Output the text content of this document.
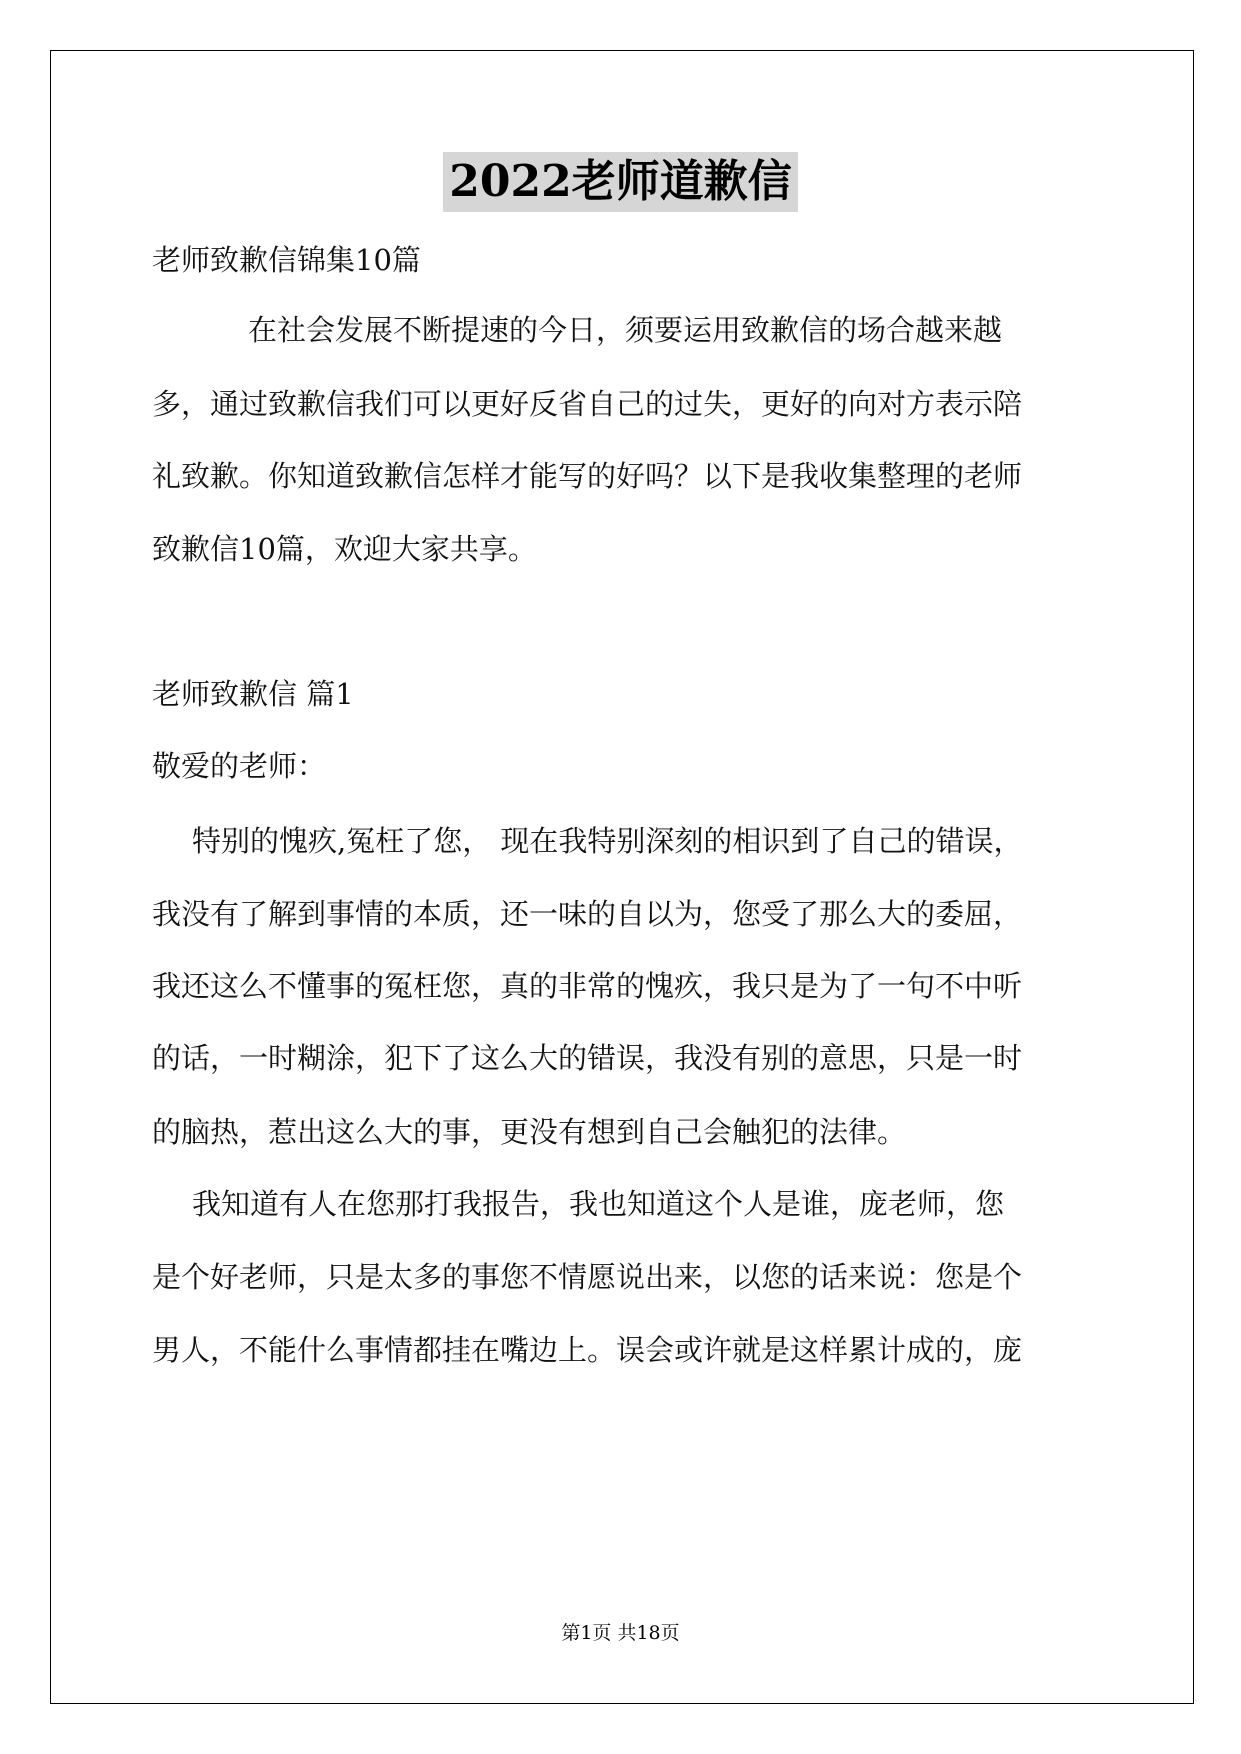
2022老师道歉信
老师致歉信锦集10篇
在社会发展不断提速的今日，须要运用致歉信的场合越来越
多，通过致歉信我们可以更好反省自己的过失，更好的向对方表示陪
礼致歉。你知道致歉信怎样才能写的好吗？以下是我收集整理的老师
致歉信10篇，欢迎大家共享。
老师致歉信 篇1
敬爱的老师：
特别的愧疚,冤枉了您， 现在我特别深刻的相识到了自己的错误，
我没有了解到事情的本质，还一味的自以为，您受了那么大的委屈，
我还这么不懂事的冤枉您，真的非常的愧疚，我只是为了一句不中听
的话，一时糊涂，犯下了这么大的错误，我没有别的意思，只是一时
的脑热，惹出这么大的事，更没有想到自己会触犯的法律。
我知道有人在您那打我报告，我也知道这个人是谁，庞老师，您
是个好老师，只是太多的事您不情愿说出来，以您的话来说：您是个
男人，不能什么事情都挂在嘴边上。误会或许就是这样累计成的，庞
第1页 共18页
